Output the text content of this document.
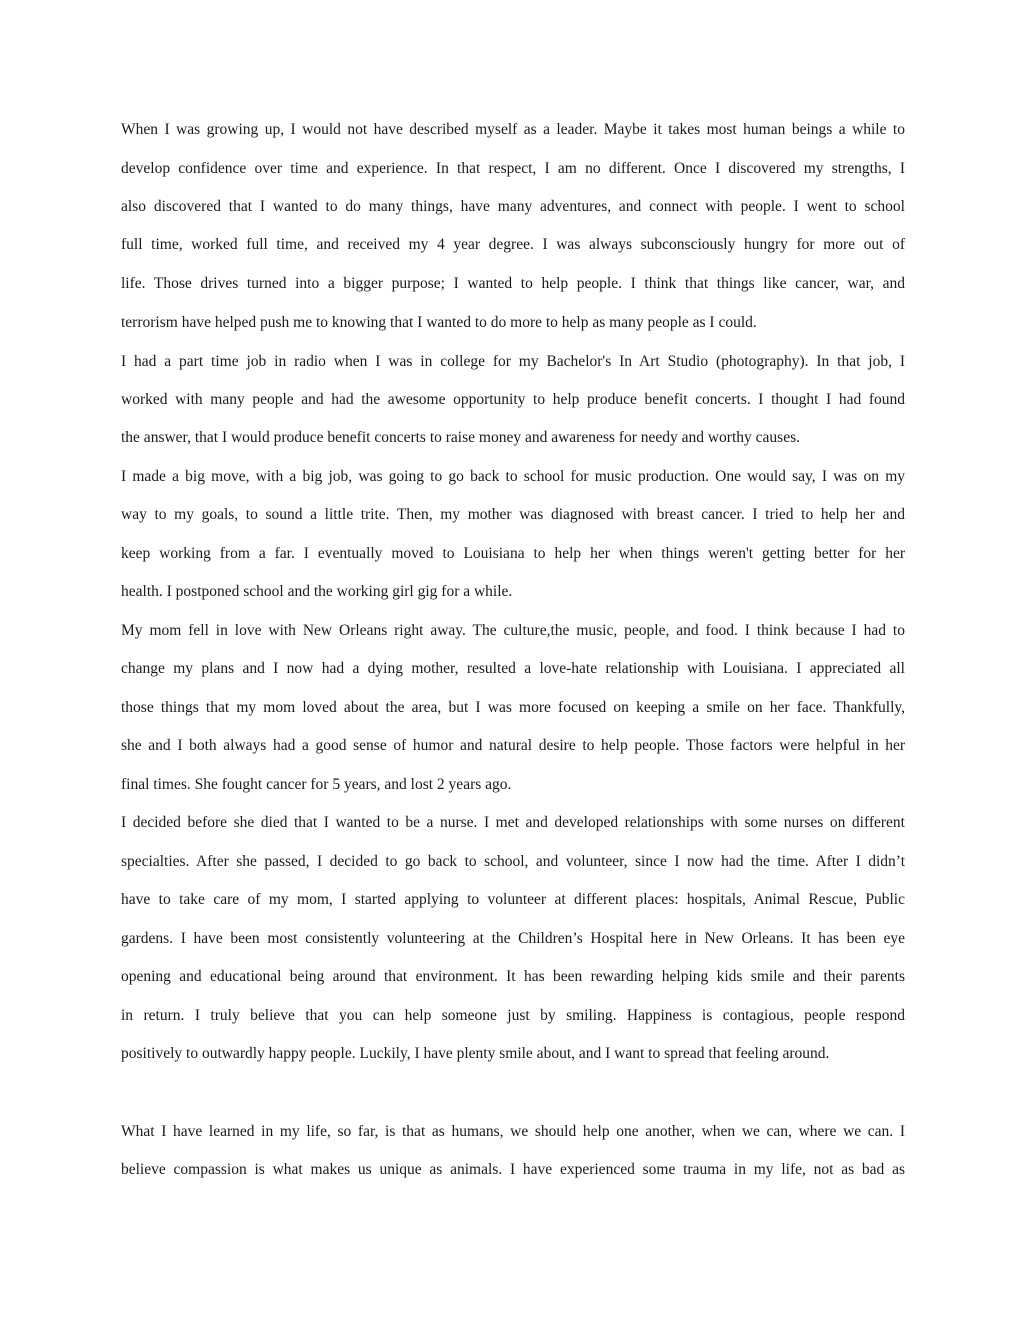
When I was growing up, I would not have described myself as a leader. Maybe it takes most human beings a while to
develop confidence over time and experience. In that respect, I am no different. Once I discovered my strengths, I
also discovered that I wanted to do many things, have many adventures, and connect with people. I went to school
full time, worked full time, and received my 4 year degree. I was always subconsciously hungry for more out of
life. Those drives turned into a bigger purpose; I wanted to help people. I think that things like cancer, war, and
terrorism have helped push me to knowing that I wanted to do more to help as many people as I could.
I had a part time job in radio when I was in college for my Bachelor's In Art Studio (photography). In that job, I
worked with many people and had the awesome opportunity to help produce benefit concerts. I thought I had found
the answer, that I would produce benefit concerts to raise money and awareness for needy and worthy causes.
I made a big move, with a big job, was going to go back to school for music production. One would say, I was on my
way to my goals, to sound a little trite. Then, my mother was diagnosed with breast cancer. I tried to help her and
keep working from a far. I eventually moved to Louisiana to help her when things weren't getting better for her
health. I postponed school and the working girl gig for a while.
My mom fell in love with New Orleans right away. The culture,the music, people, and food. I think because I had to
change my plans and I now had a dying mother, resulted a love-hate relationship with Louisiana. I appreciated all
those things that my mom loved about the area, but I was more focused on keeping a smile on her face. Thankfully,
she and I both always had a good sense of humor and natural desire to help people. Those factors were helpful in her
final times. She fought cancer for 5 years, and lost 2 years ago.
I decided before she died that I wanted to be a nurse. I met and developed relationships with some nurses on different
specialties. After she passed, I decided to go back to school, and volunteer, since I now had the time. After I didn’t
have to take care of my mom, I started applying to volunteer at different places: hospitals, Animal Rescue, Public
gardens. I have been most consistently volunteering at the Children’s Hospital here in New Orleans. It has been eye
opening and educational being around that environment. It has been rewarding helping kids smile and their parents
in return. I truly believe that you can help someone just by smiling. Happiness is contagious, people respond
positively to outwardly happy people. Luckily, I have plenty smile about, and I want to spread that feeling around.
What I have learned in my life, so far, is that as humans, we should help one another, when we can, where we can. I
believe compassion is what makes us unique as animals. I have experienced some trauma in my life, not as bad as
